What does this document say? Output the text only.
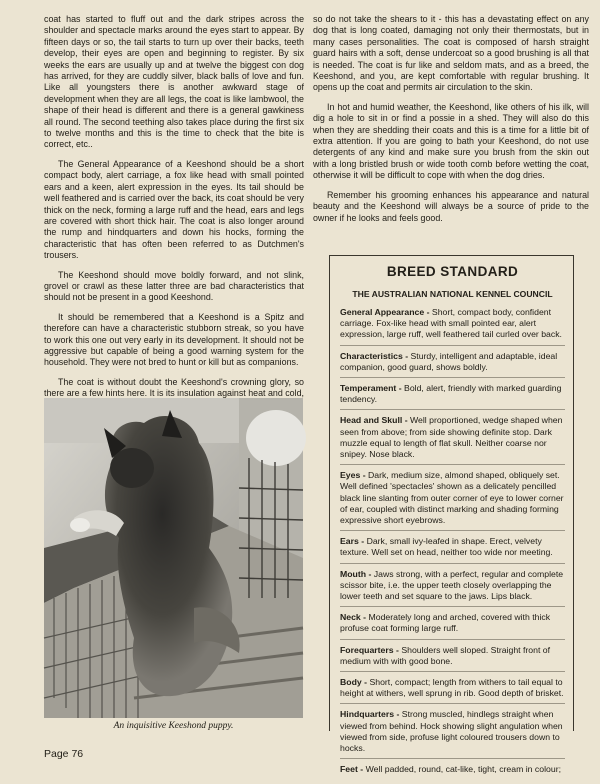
coat has started to fluff out and the dark stripes across the shoulder and spectacle marks around the eyes start to appear. By fifteen days or so, the tail starts to turn up over their backs, teeth develop, their eyes are open and beginning to register. By six weeks the ears are usually up and at twelve the biggest con dog has arrived, for they are cuddly silver, black balls of love and fun. Like all youngsters there is another awkward stage of development when they are all legs, the coat is like lambwool, the shape of their head is different and there is a general gawkiness all round. The second teething also takes place during the first six to twelve months and this is the time to check that the bite is correct, etc..

The General Appearance of a Keeshond should be a short compact body, alert carriage, a fox like head with small pointed ears and a keen, alert expression in the eyes. Its tail should be well feathered and is carried over the back, its coat should be very thick on the neck, forming a large ruff and the head, ears and legs are covered with short thick hair. The coat is also longer around the rump and hindquarters and down his hocks, forming the characteristic that has often been referred to as Dutchmen's trousers.

The Keeshond should move boldly forward, and not slink, grovel or crawl as these latter three are bad characteristics that should not be present in a good Keeshond.

It should be remembered that a Keeshond is a Spitz and therefore can have a characteristic stubborn streak, so you have to work this one out very early in its development. It should not be aggressive but capable of being a good warning system for the household. They were not bred to hunt or kill but as companions.

The coat is without doubt the Keeshond's crowning glory, so there are a few hints here. It is its insulation against heat and cold,

so do not take the shears to it - this has a devastating effect on any dog that is long coated, damaging not only their thermostats, but in many cases personalities. The coat is composed of harsh straight guard hairs with a soft, dense undercoat so a good brushing is all that is needed. The coat is fur like and seldom mats, and as a breed, the Keeshond, and you, are kept comfortable with regular brushing. It opens up the coat and permits air circulation to the skin.

In hot and humid weather, the Keeshond, like others of his ilk, will dig a hole to sit in or find a possie in a shed. They will also do this when they are shedding their coats and this is a time for a little bit of extra attention. If you are going to bath your Keeshond, do not use detergents of any kind and make sure you brush from the skin out with a long bristled brush or wide tooth comb before wetting the coat, otherwise it will be difficult to cope with when the dog dries.

Remember his grooming enhances his appearance and natural beauty and the Keeshond will always be a source of pride to the owner if he looks and feels good.

An inquisitive Keeshond puppy.
Page 76
BREED STANDARD
THE AUSTRALIAN NATIONAL KENNEL COUNCIL
General Appearance - Short, compact body, confident carriage. Fox-like head with small pointed ear, alert expression, large ruff, well feathered tail curled over back.
Characteristics - Sturdy, intelligent and adaptable, ideal companion, good guard, shows boldly.
Temperament - Bold, alert, friendly with marked guarding tendency.
Head and Skull - Well proportioned, wedge shaped when seen from above; from side showing definite stop. Dark muzzle equal to length of flat skull. Neither coarse nor snipey. Nose black.
Eyes - Dark, medium size, almond shaped, obliquely set. Well defined 'spectacles' shown as a delicately pencilled black line slanting from outer corner of eye to lower corner of ear, coupled with distinct marking and shading forming expressive short eyebrows.
Ears - Dark, small ivy-leafed in shape. Erect, velvety texture. Well set on head, neither too wide nor meeting.
Mouth - Jaws strong, with a perfect, regular and complete scissor bite, i.e. the upper teeth closely overlapping the lower teeth and set square to the jaws. Lips black.
Neck - Moderately long and arched, covered with thick profuse coat forming large ruff.
Forequarters - Shoulders well sloped. Straight front of medium with with good bone.
Body - Short, compact; length from withers to tail equal to height at withers, well sprung in rib. Good depth of brisket.
Hindquarters - Strong muscled, hindlegs straight when viewed from behind. Hock showing slight angulation when viewed from side, profuse light coloured trousers down to hocks.
Feet - Well padded, round, cat-like, tight, cream in colour;
